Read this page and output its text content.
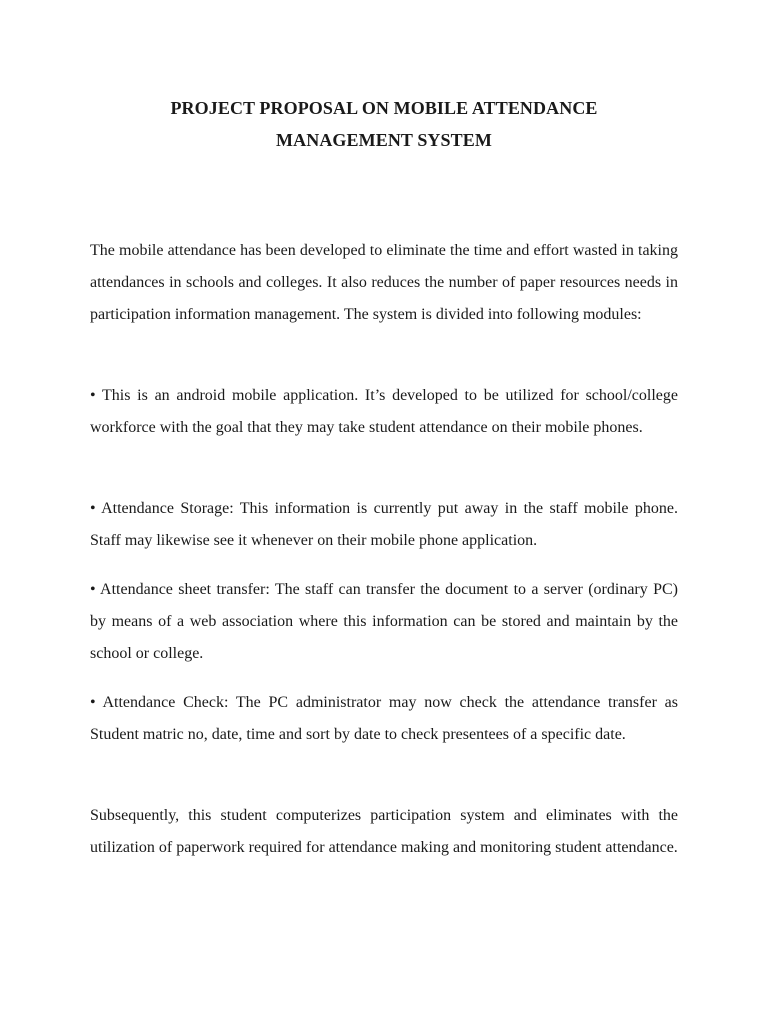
PROJECT PROPOSAL ON MOBILE ATTENDANCE
MANAGEMENT SYSTEM

The mobile attendance has been developed to eliminate the time and effort wasted in taking attendances in schools and colleges. It also reduces the number of paper resources needs in participation information management. The system is divided into following modules:

• This is an android mobile application. It’s developed to be utilized for school/college workforce with the goal that they may take student attendance on their mobile phones.

• Attendance Storage: This information is currently put away in the staff mobile phone. Staff may likewise see it whenever on their mobile phone application.

• Attendance sheet transfer: The staff can transfer the document to a server (ordinary PC) by means of a web association where this information can be stored and maintain by the school or college.

• Attendance Check: The PC administrator may now check the attendance transfer as Student matric no, date, time and sort by date to check presentees of a specific date.

Subsequently, this student computerizes participation system and eliminates with the utilization of paperwork required for attendance making and monitoring student attendance.
